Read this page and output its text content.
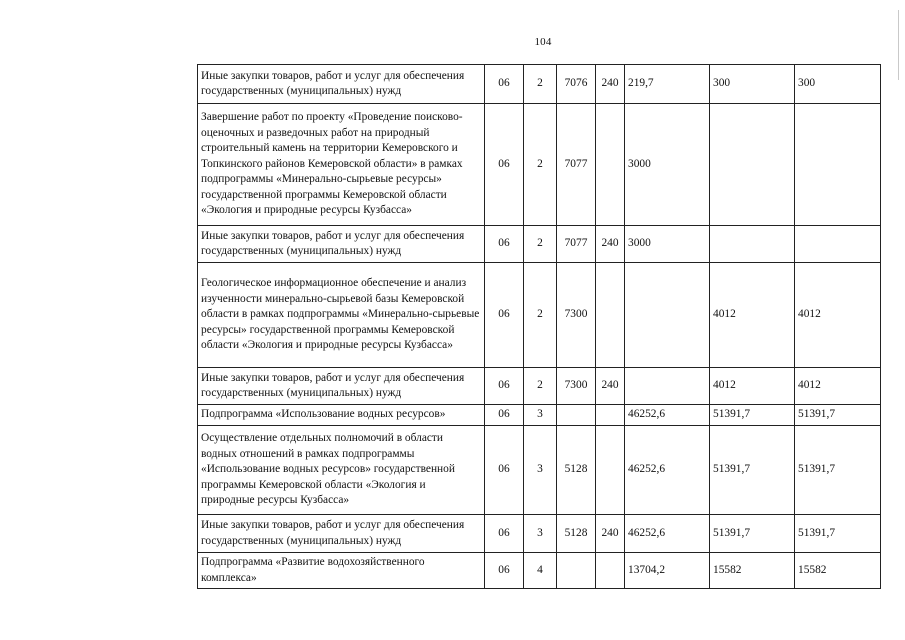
104
Иные закупки товаров, работ и услуг для обеспечения государственных (муниципальных) нужд	06	2	7076	240	219,7	300	300
Завершение работ по проекту «Проведение поисково-оценочных и разведочных работ на природный строительный камень на территории Кемеровского и Топкинского районов Кемеровской области» в рамках подпрограммы «Минерально-сырьевые ресурсы» государственной программы Кемеровской области «Экология и природные ресурсы Кузбасса»	06	2	7077		3000		
Иные закупки товаров, работ и услуг для обеспечения государственных (муниципальных) нужд	06	2	7077	240	3000		
Геологическое информационное обеспечение и анализ изученности минерально-сырьевой базы Кемеровской области в рамках подпрограммы «Минерально-сырьевые ресурсы» государственной программы Кемеровской области «Экология и природные ресурсы Кузбасса»	06	2	7300			4012	4012
Иные закупки товаров, работ и услуг для обеспечения государственных (муниципальных) нужд	06	2	7300	240		4012	4012
Подпрограмма «Использование водных ресурсов»	06	3			46252,6	51391,7	51391,7
Осуществление отдельных полномочий в области водных отношений в рамках подпрограммы «Использование водных ресурсов» государственной программы Кемеровской области «Экология и природные ресурсы Кузбасса»	06	3	5128		46252,6	51391,7	51391,7
Иные закупки товаров, работ и услуг для обеспечения государственных (муниципальных) нужд	06	3	5128	240	46252,6	51391,7	51391,7
Подпрограмма «Развитие водохозяйственного комплекса»	06	4			13704,2	15582	15582
